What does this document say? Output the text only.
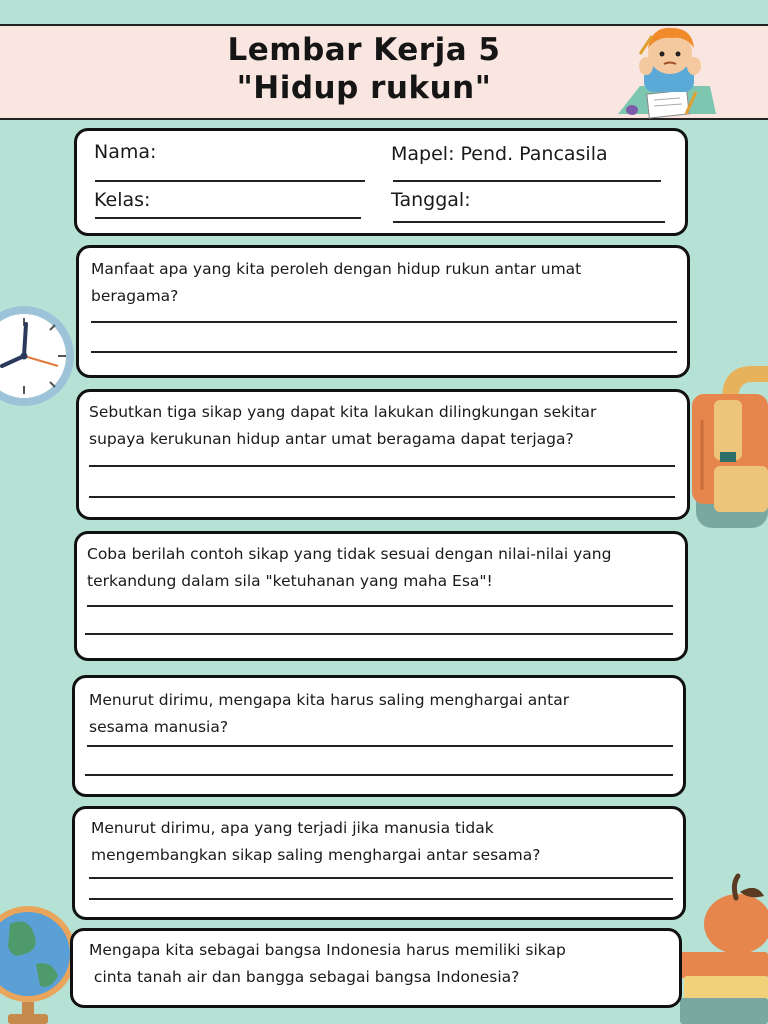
Lembar Kerja 5
"Hidup rukun"
Nama:
Kelas:
Mapel: Pend. Pancasila
Tanggal:
Manfaat apa yang kita peroleh dengan hidup rukun antar umat
beragama?
Sebutkan tiga sikap yang dapat kita lakukan dilingkungan sekitar
supaya kerukunan hidup antar umat beragama dapat terjaga?
Coba berilah contoh sikap yang tidak sesuai dengan nilai-nilai yang
terkandung dalam sila "ketuhanan yang maha Esa"!
Menurut dirimu, mengapa kita harus saling menghargai antar
sesama manusia?
Menurut dirimu, apa yang terjadi jika manusia tidak
mengembangkan sikap saling menghargai antar sesama?
Mengapa kita sebagai bangsa Indonesia harus memiliki sikap
cinta tanah air dan bangga sebagai bangsa Indonesia?
